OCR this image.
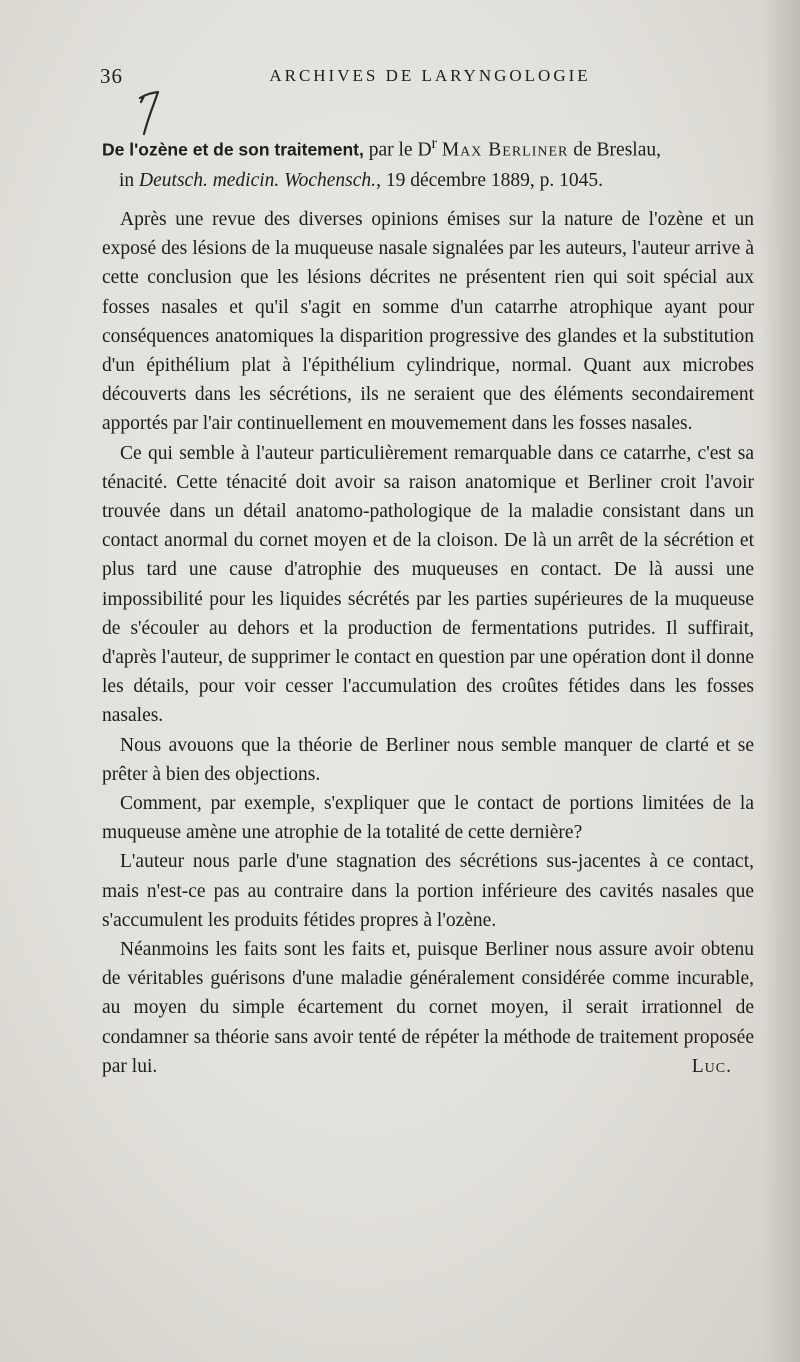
36	ARCHIVES DE LARYNGOLOGIE
De l'ozène et de son traitement, par le $D^r$ Max Berliner de Breslau,
in Deutsch. medicin. Wochensch., 19 décembre 1889, p. 1045.

Après une revue des diverses opinions émises sur la nature de l'ozène et un exposé des lésions de la muqueuse nasale signalées par les auteurs, l'auteur arrive à cette conclusion que les lésions décrites ne présentent rien qui soit spécial aux fosses nasales et qu'il s'agit en somme d'un catarrhe atrophique ayant pour conséquences anatomiques la disparition progressive des glandes et la substitution d'un épithélium plat à l'épithélium cylindrique, normal. Quant aux microbes découverts dans les sécrétions, ils ne seraient que des éléments secondairement apportés par l'air continuellement en mouvemement dans les fosses nasales.

Ce qui semble à l'auteur particulièrement remarquable dans ce catarrhe, c'est sa ténacité. Cette ténacité doit avoir sa raison anatomique et Berliner croit l'avoir trouvée dans un détail anatomo-pathologique de la maladie consistant dans un contact anormal du cornet moyen et de la cloison. De là un arrêt de la sécrétion et plus tard une cause d'atrophie des muqueuses en contact. De là aussi une impossibilité pour les liquides sécrétés par les parties supérieures de la muqueuse de s'écouler au dehors et la production de fermentations putrides. Il suffirait, d'après l'auteur, de supprimer le contact en question par une opération dont il donne les détails, pour voir cesser l'accumulation des croûtes fétides dans les fosses nasales.

Nous avouons que la théorie de Berliner nous semble manquer de clarté et se prêter à bien des objections.

Comment, par exemple, s'expliquer que le contact de portions limitées de la muqueuse amène une atrophie de la totalité de cette dernière?

L'auteur nous parle d'une stagnation des sécrétions sus-jacentes à ce contact, mais n'est-ce pas au contraire dans la portion inférieure des cavités nasales que s'accumulent les produits fétides propres à l'ozène.

Néanmoins les faits sont les faits et, puisque Berliner nous assure avoir obtenu de véritables guérisons d'une maladie généralement considérée comme incurable, au moyen du simple écartement du cornet moyen, il serait irrationnel de condamner sa théorie sans avoir tenté de répéter la méthode de traitement proposée par lui.	Luc.
